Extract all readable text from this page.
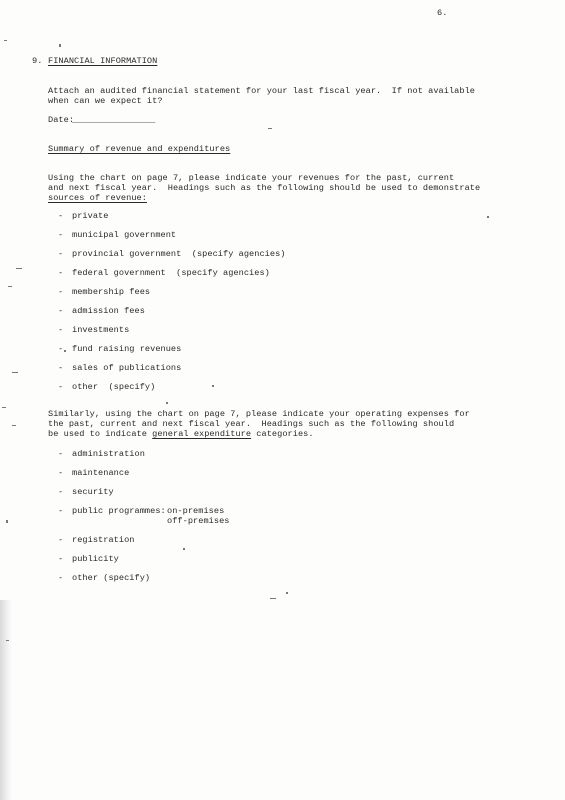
6.
9. FINANCIAL INFORMATION
Attach an audited financial statement for your last fiscal year.  If not available
when can we expect it?
Date:
________________
Summary of revenue and expenditures
Using the chart on page 7, please indicate your revenues for the past, current
and next fiscal year.  Headings such as the following should be used to demonstrate
sources of revenue:
- private
- municipal government
- provincial government  (specify agencies)
- federal government  (specify agencies)
- membership fees
- admission fees
- investments
- fund raising revenues
- sales of publications
- other  (specify)
Similarly, using the chart on page 7, please indicate your operating expenses for
the past, current and next fiscal year.  Headings such as the following should
be used to indicate general expenditure categories.
- administration
- maintenance
- security
- public programmes:
- registration
- publicity
- other (specify)
on-premises
off-premises
